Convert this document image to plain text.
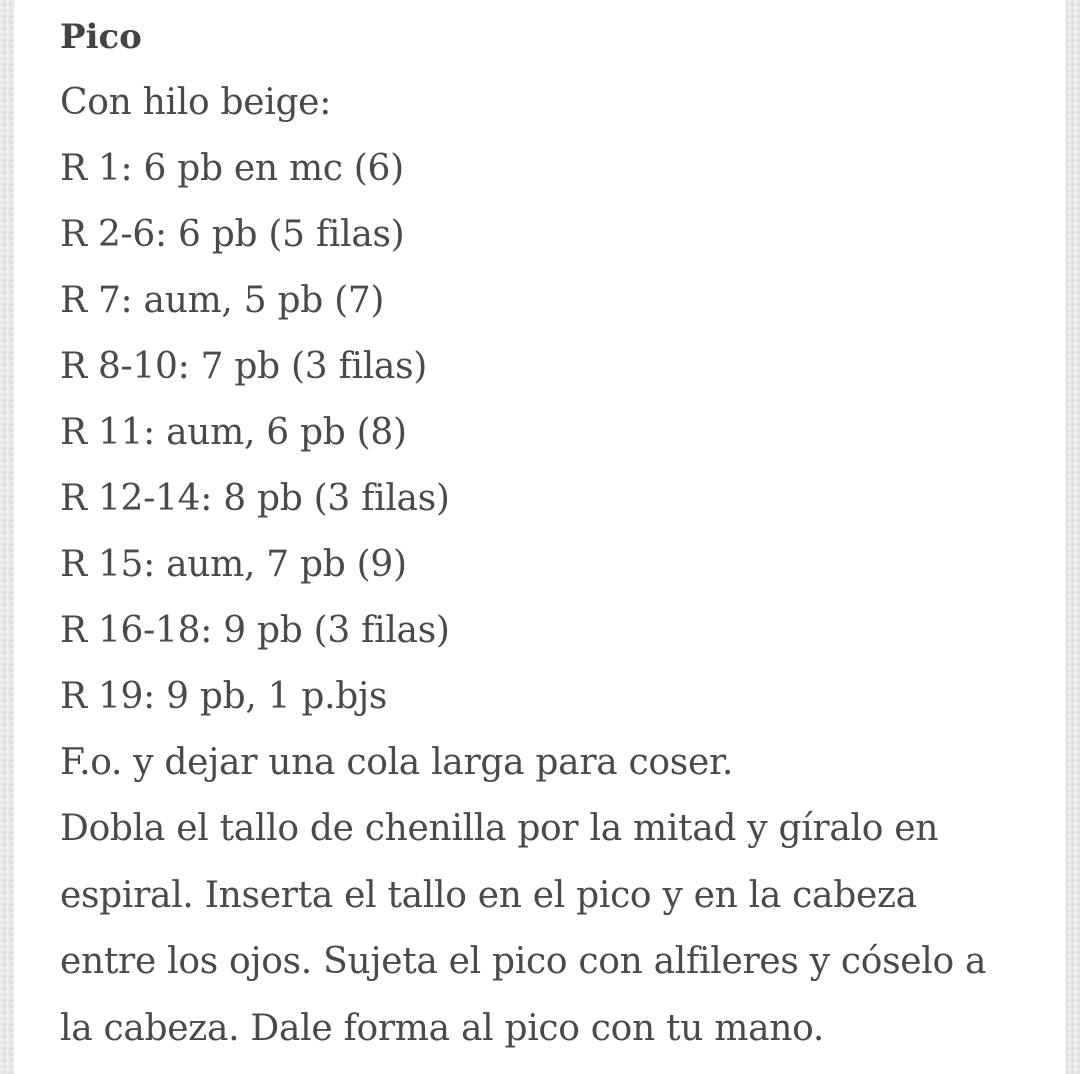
Pico
Con hilo beige:
R 1: 6 pb en mc (6)
R 2-6: 6 pb (5 filas)
R 7: aum, 5 pb (7)
R 8-10: 7 pb (3 filas)
R 11: aum, 6 pb (8)
R 12-14: 8 pb (3 filas)
R 15: aum, 7 pb (9)
R 16-18: 9 pb (3 filas)
R 19: 9 pb, 1 p.bjs
F.o. y dejar una cola larga para coser.

Dobla el tallo de chenilla por la mitad y gíralo en espiral. Inserta el tallo en el pico y en la cabeza entre los ojos. Sujeta el pico con alfileres y cóselo a la cabeza. Dale forma al pico con tu mano.
